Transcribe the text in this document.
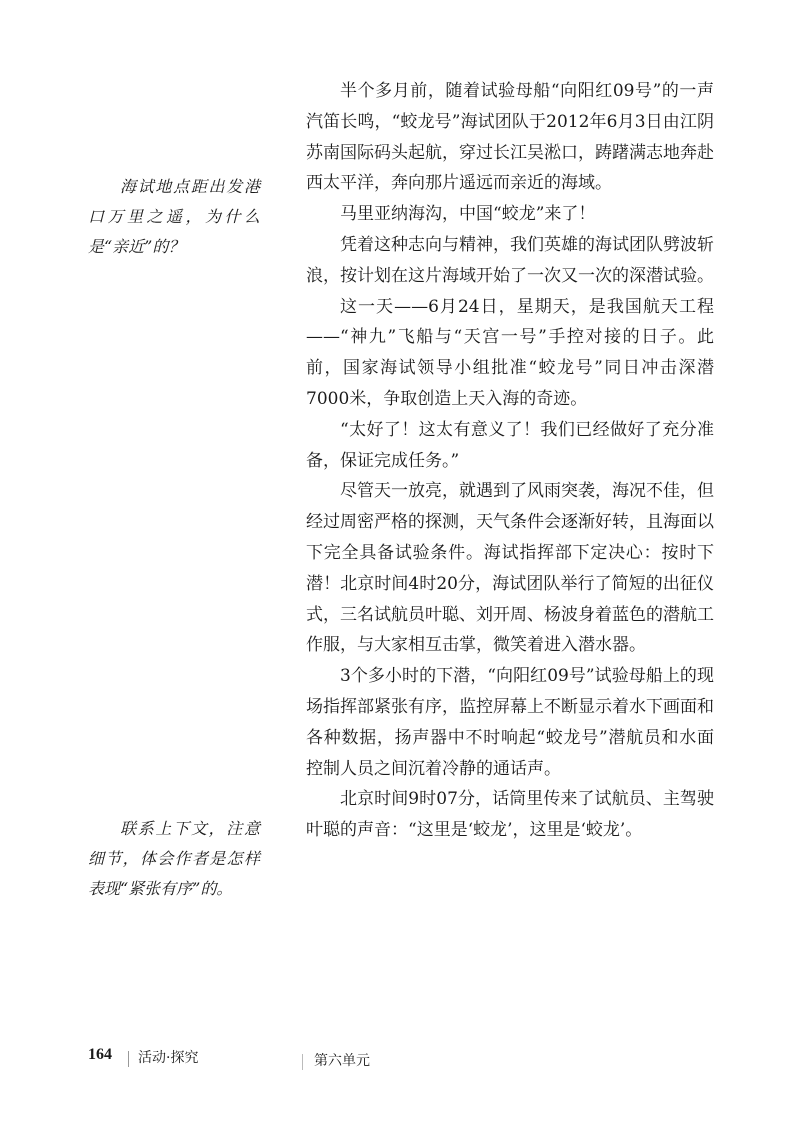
半个多月前，随着试验母船“向阳红09号”的一声汽笛长鸣，“蛟龙号”海试团队于2012年6月3日由江阴苏南国际码头起航，穿过长江吴淞口，踌躇满志地奔赴西太平洋，奔向那片遥远而亲近的海域。

马里亚纳海沟，中国“蛟龙”来了！

凭着这种志向与精神，我们英雄的海试团队劈波斩浪，按计划在这片海域开始了一次又一次的深潜试验。

这一天——6月24日，星期天，是我国航天工程——“神九”飞船与“天宫一号”手控对接的日子。此前，国家海试领导小组批准“蛟龙号”同日冲击深潜7000米，争取创造上天入海的奇迹。

“太好了！这太有意义了！我们已经做好了充分准备，保证完成任务。”

尽管天一放亮，就遇到了风雨突袭，海况不佳，但经过周密严格的探测，天气条件会逐渐好转，且海面以下完全具备试验条件。海试指挥部下定决心：按时下潜！北京时间4时20分，海试团队举行了简短的出征仪式，三名试航员叶聪、刘开周、杨波身着蓝色的潜航工作服，与大家相互击掌，微笑着进入潜水器。

3个多小时的下潜，“向阳红09号”试验母船上的现场指挥部紧张有序，监控屏幕上不断显示着水下画面和各种数据，扬声器中不时响起“蛟龙号”潜航员和水面控制人员之间沉着冷静的通话声。

北京时间9时07分，话筒里传来了试航员、主驾驶叶聪的声音：“这里是‘蛟龙’，这里是‘蛟龙’。

海试地点距出发港口万里之遥，为什么是“亲近”的？

联系上下文，注意细节，体会作者是怎样表现“紧张有序”的。

164 活动·探究	第六单元
